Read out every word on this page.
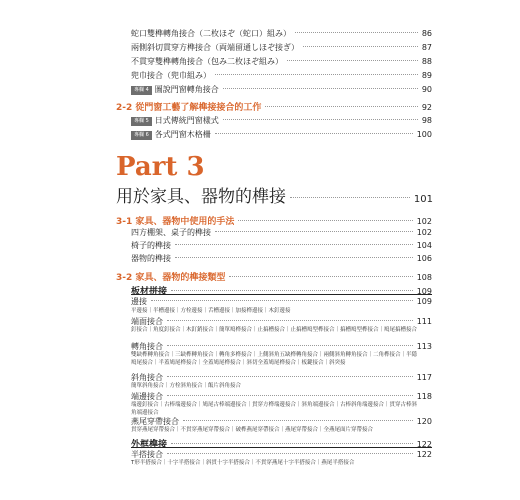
蛇口雙榫轉角接合（二枚ほぞ（蛇口）組み）	86
兩側斜切貫穿方榫接合（両端留通しほぞ接ぎ）	87
不貫穿雙榫轉角接合（包み二枚ほぞ組み）	88
兜巾接合（兜巾組み）	89
專欄 4 圖說門窗轉角接合	90
2-2 從門窗工藝了解榫接接合的工作	92
專欄 5 日式傳統門窗樣式	98
專欄 6 各式門窗木格柵	100
Part 3
用於家具、器物的榫接	101
3-1 家具、器物中使用的手法	102
四方棚架、桌子的榫接	102
椅子的榫接	104
器物的榫接	106
3-2 家具、器物的榫接類型	108
板材拼接	109
邊接	109
平邊接｜半槽邊接｜方栓邊接｜舌槽邊接｜加接榫邊接｜木釘邊接
端面接合	111
釘接合｜角度釘接合｜木釘銷接合｜簡單鳩榫接合｜止搞槽接合｜止搞槽鳩型榫接合｜搞槽鳩型榫接合｜鳩尾搞槽接合
轉角接合	113
雙缺榫轉角接合｜三缺榫轉角接合｜轉角多榫接合｜上側斜角五缺榫轉角接合｜兩側斜角轉角接合｜二角榫接合｜半隱鳩尾接合｜半蓋鳩尾榫接合｜全蓋鳩尾榫接合｜斜切全蓋鳩尾榫接合｜板鍵接合｜斜突接
斜角接合	117
簡單斜角接合｜方栓斜角接合｜飯片斜角接合
端邊接合	118
端邊釘接合｜古棒端邊接合｜鳩尾古棒端邊接合｜貫穿方榫端邊接合｜斜角端邊接合｜古棒斜角端邊接合｜貫穿古棒斜角端邊接合
燕尾穿帶接合	120
貫穿燕尾穿帶接合｜不貫穿燕尾穿帶接合｜破榫燕尾穿帶接合｜燕尾穿帶接合｜全燕尾面片穿帶接合
外框榫接	122
半搭接合	122
T形半搭接合｜十字半搭接合｜斜貫十字半搭接合｜不貫穿燕尾十字半搭接合｜燕尾半搭接合
